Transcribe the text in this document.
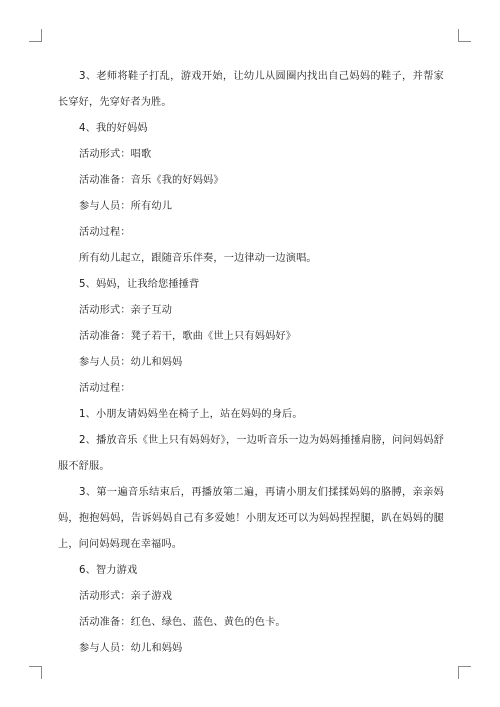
3、老师将鞋子打乱，游戏开始，让幼儿从圆圈内找出自己妈妈的鞋子，并帮家长穿好，先穿好者为胜。

4、我的好妈妈

活动形式：唱歌

活动准备：音乐《我的好妈妈》

参与人员：所有幼儿

活动过程：

所有幼儿起立，跟随音乐伴奏，一边律动一边演唱。

5、妈妈，让我给您捶捶背

活动形式：亲子互动

活动准备：凳子若干，歌曲《世上只有妈妈好》

参与人员：幼儿和妈妈

活动过程：

1、小朋友请妈妈坐在椅子上，站在妈妈的身后。

2、播放音乐《世上只有妈妈好》，一边听音乐一边为妈妈捶捶肩膀，问问妈妈舒服不舒服。

3、第一遍音乐结束后，再播放第二遍，再请小朋友们揉揉妈妈的胳膊，亲亲妈妈，抱抱妈妈，告诉妈妈自己有多爱她！小朋友还可以为妈妈捏捏腿，趴在妈妈的腿上，问问妈妈现在幸福吗。

6、智力游戏

活动形式：亲子游戏

活动准备：红色、绿色、蓝色、黄色的色卡。

参与人员：幼儿和妈妈
